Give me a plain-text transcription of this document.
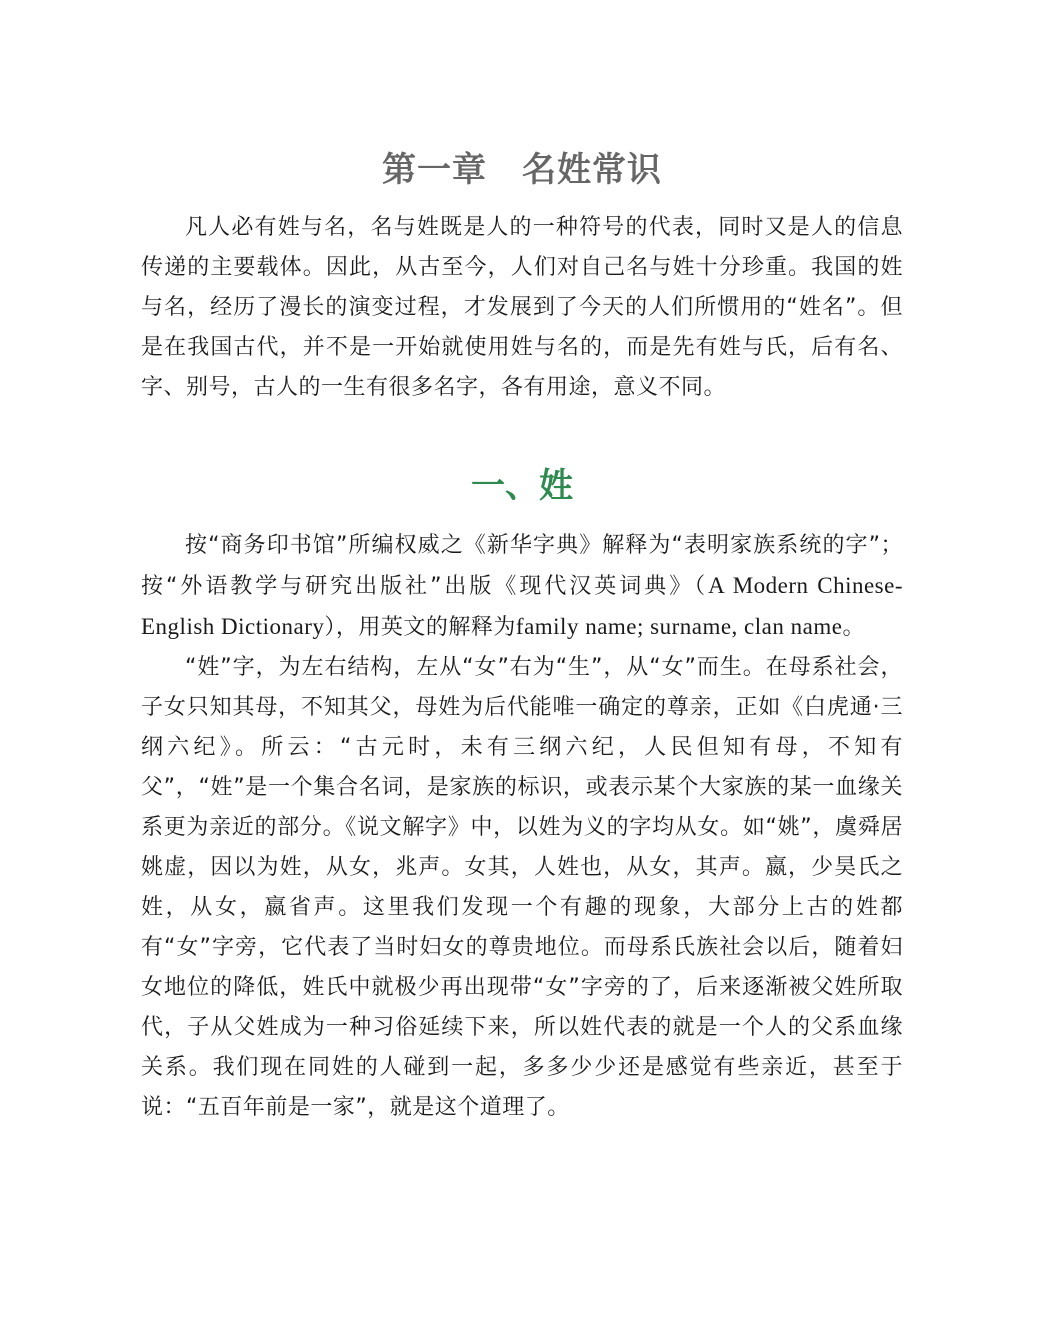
第一章　名姓常识

凡人必有姓与名，名与姓既是人的一种符号的代表，同时又是人的信息传递的主要载体。因此，从古至今，人们对自己名与姓十分珍重。我国的姓与名，经历了漫长的演变过程，才发展到了今天的人们所惯用的“姓名”。但是在我国古代，并不是一开始就使用姓与名的，而是先有姓与氏，后有名、字、别号，古人的一生有很多名字，各有用途，意义不同。

一、姓

按“商务印书馆”所编权威之《新华字典》解释为“表明家族系统的字”；按“外语教学与研究出版社”出版《现代汉英词典》（A Modern Chinese-English Dictionary），用英文的解释为family name; surname, clan name。

“姓”字，为左右结构，左从“女”右为“生”，从“女”而生。在母系社会，子女只知其母，不知其父，母姓为后代能唯一确定的尊亲，正如《白虎通·三纲六纪》。所云：“古元时，未有三纲六纪，人民但知有母，不知有父”，“姓”是一个集合名词，是家族的标识，或表示某个大家族的某一血缘关系更为亲近的部分。《说文解字》中，以姓为义的字均从女。如“姚”，虞舜居姚虚，因以为姓，从女，兆声。女其，人姓也，从女，其声。嬴，少昊氏之姓，从女，嬴省声。这里我们发现一个有趣的现象，大部分上古的姓都有“女”字旁，它代表了当时妇女的尊贵地位。而母系氏族社会以后，随着妇女地位的降低，姓氏中就极少再出现带“女”字旁的了，后来逐渐被父姓所取代，子从父姓成为一种习俗延续下来，所以姓代表的就是一个人的父系血缘关系。我们现在同姓的人碰到一起，多多少少还是感觉有些亲近，甚至于说：“五百年前是一家”，就是这个道理了。
